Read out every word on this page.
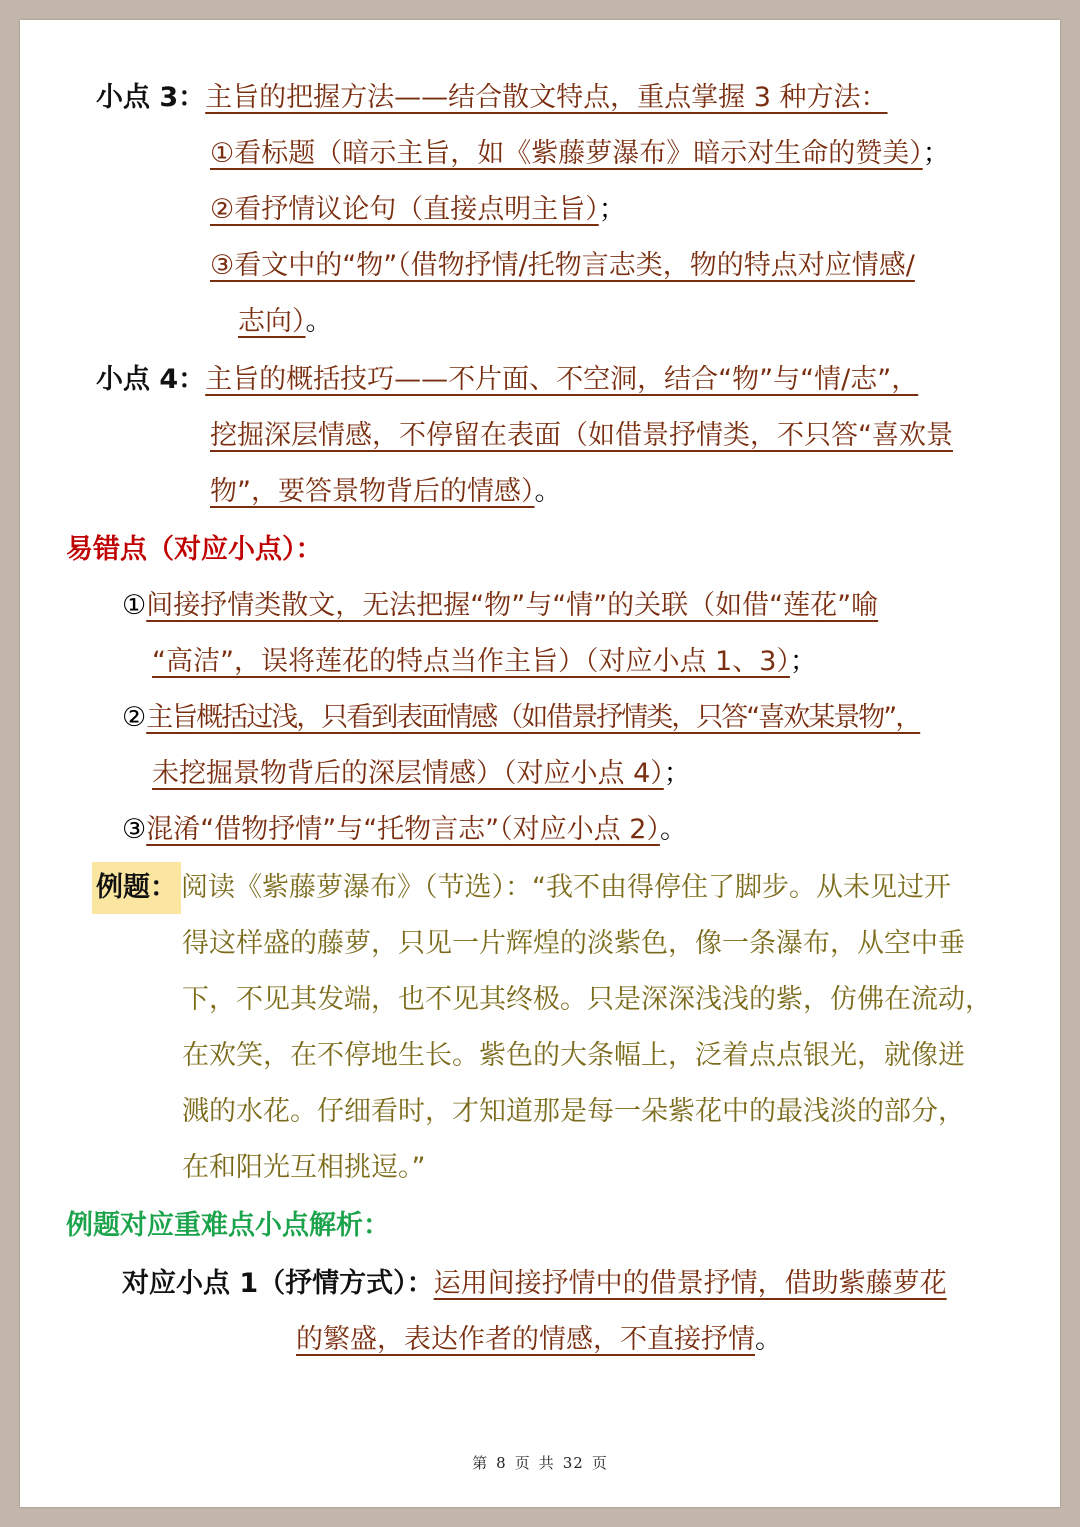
小点 3：主旨的把握方法——结合散文特点，重点掌握 3 种方法：
①看标题（暗示主旨，如《紫藤萝瀑布》暗示对生命的赞美）；
②看抒情议论句（直接点明主旨）；
③看文中的“物”（借物抒情/托物言志类，物的特点对应情感/
志向）。
小点 4：主旨的概括技巧——不片面、不空洞，结合“物”与“情/志”，
挖掘深层情感，不停留在表面（如借景抒情类，不只答“喜欢景
物”，要答景物背后的情感）。
易错点（对应小点）：
①间接抒情类散文，无法把握“物”与“情”的关联（如借“莲花”喻
“高洁”，误将莲花的特点当作主旨）（对应小点 1、3）；
②主旨概括过浅，只看到表面情感（如借景抒情类，只答“喜欢某景物”，
未挖掘景物背后的深层情感）（对应小点 4）；
③混淆“借物抒情”与“托物言志”（对应小点 2）。
例题： 阅读《紫藤萝瀑布》（节选）：“我不由得停住了脚步。从未见过开
得这样盛的藤萝，只见一片辉煌的淡紫色，像一条瀑布，从空中垂
下，不见其发端，也不见其终极。只是深深浅浅的紫，仿佛在流动，
在欢笑，在不停地生长。紫色的大条幅上，泛着点点银光，就像迸
溅的水花。仔细看时，才知道那是每一朵紫花中的最浅淡的部分，
在和阳光互相挑逗。”
例题对应重难点小点解析：
对应小点 1（抒情方式）：运用间接抒情中的借景抒情，借助紫藤萝花
的繁盛，表达作者的情感，不直接抒情。
第 8 页 共 32 页
